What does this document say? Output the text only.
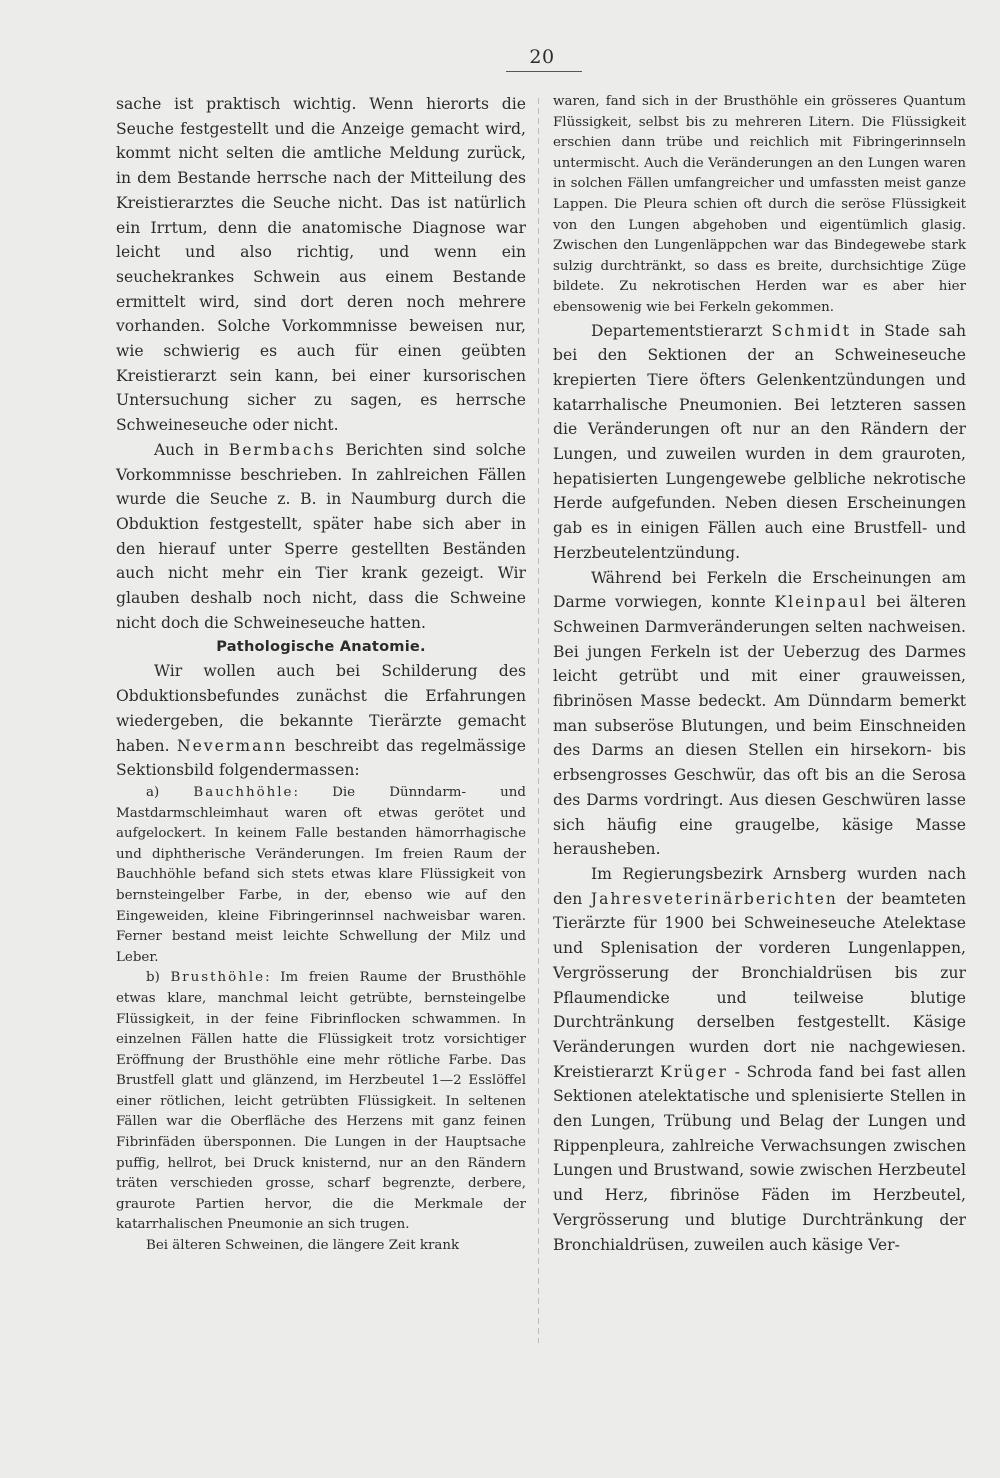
20

sache ist praktisch wichtig. Wenn hierorts die Seuche festgestellt und die Anzeige gemacht wird, kommt nicht selten die amtliche Meldung zurück, in dem Bestande herrsche nach der Mitteilung des Kreistierarztes die Seuche nicht. Das ist natürlich ein Irrtum, denn die anatomische Diagnose war leicht und also richtig, und wenn ein seuchekrankes Schwein aus einem Bestande ermittelt wird, sind dort deren noch mehrere vorhanden. Solche Vorkommnisse beweisen nur, wie schwierig es auch für einen geübten Kreistierarzt sein kann, bei einer kursorischen Untersuchung sicher zu sagen, es herrsche Schweineseuche oder nicht.

Auch in Bermbachs Berichten sind solche Vorkommnisse beschrieben. In zahlreichen Fällen wurde die Seuche z. B. in Naumburg durch die Obduktion festgestellt, später habe sich aber in den hierauf unter Sperre gestellten Beständen auch nicht mehr ein Tier krank gezeigt. Wir glauben deshalb noch nicht, dass die Schweine nicht doch die Schweineseuche hatten.

Pathologische Anatomie.

Wir wollen auch bei Schilderung des Obduktionsbefundes zunächst die Erfahrungen wiedergeben, die bekannte Tierärzte gemacht haben. Nevermann beschreibt das regelmässige Sektionsbild folgendermassen:

a) Bauchhöhle: Die Dünndarm- und Mastdarmschleimhaut waren oft etwas gerötet und aufgelockert. In keinem Falle bestanden hämorrhagische und diphtherische Veränderungen. Im freien Raum der Bauchhöhle befand sich stets etwas klare Flüssigkeit von bernsteingelber Farbe, in der, ebenso wie auf den Eingeweiden, kleine Fibringerinnsel nachweisbar waren. Ferner bestand meist leichte Schwellung der Milz und Leber.

b) Brusthöhle: Im freien Raume der Brusthöhle etwas klare, manchmal leicht getrübte, bernsteingelbe Flüssigkeit, in der feine Fibrinflocken schwammen. In einzelnen Fällen hatte die Flüssigkeit trotz vorsichtiger Eröffnung der Brusthöhle eine mehr rötliche Farbe. Das Brustfell glatt und glänzend, im Herzbeutel 1—2 Esslöffel einer rötlichen, leicht getrübten Flüssigkeit. In seltenen Fällen war die Oberfläche des Herzens mit ganz feinen Fibrinfäden übersponnen. Die Lungen in der Hauptsache puffig, hellrot, bei Druck knisternd, nur an den Rändern träten verschieden grosse, scharf begrenzte, derbere, graurote Partien hervor, die die Merkmale der katarrhalischen Pneumonie an sich trugen.

Bei älteren Schweinen, die längere Zeit krank

waren, fand sich in der Brusthöhle ein grösseres Quantum Flüssigkeit, selbst bis zu mehreren Litern. Die Flüssigkeit erschien dann trübe und reichlich mit Fibringerinnseln untermischt. Auch die Veränderungen an den Lungen waren in solchen Fällen umfangreicher und umfassten meist ganze Lappen. Die Pleura schien oft durch die seröse Flüssigkeit von den Lungen abgehoben und eigentümlich glasig. Zwischen den Lungenläppchen war das Bindegewebe stark sulzig durchtränkt, so dass es breite, durchsichtige Züge bildete. Zu nekrotischen Herden war es aber hier ebensowenig wie bei Ferkeln gekommen.

Departementstierarzt Schmidt in Stade sah bei den Sektionen der an Schweineseuche krepierten Tiere öfters Gelenkentzündungen und katarrhalische Pneumonien. Bei letzteren sassen die Veränderungen oft nur an den Rändern der Lungen, und zuweilen wurden in dem grauroten, hepatisierten Lungengewebe gelbliche nekrotische Herde aufgefunden. Neben diesen Erscheinungen gab es in einigen Fällen auch eine Brustfell- und Herzbeutelentzündung.

Während bei Ferkeln die Erscheinungen am Darme vorwiegen, konnte Kleinpaul bei älteren Schweinen Darmveränderungen selten nachweisen. Bei jungen Ferkeln ist der Ueberzug des Darmes leicht getrübt und mit einer grauweissen, fibrinösen Masse bedeckt. Am Dünndarm bemerkt man subseröse Blutungen, und beim Einschneiden des Darms an diesen Stellen ein hirsekorn- bis erbsengrosses Geschwür, das oft bis an die Serosa des Darms vordringt. Aus diesen Geschwüren lasse sich häufig eine graugelbe, käsige Masse herausheben.

Im Regierungsbezirk Arnsberg wurden nach den Jahresveterinärberichten der beamteten Tierärzte für 1900 bei Schweineseuche Atelektase und Splenisation der vorderen Lungenlappen, Vergrösserung der Bronchialdrüsen bis zur Pflaumendicke und teilweise blutige Durchtränkung derselben festgestellt. Käsige Veränderungen wurden dort nie nachgewiesen. Kreistierarzt Krüger - Schroda fand bei fast allen Sektionen atelektatische und splenisierte Stellen in den Lungen, Trübung und Belag der Lungen und Rippenpleura, zahlreiche Verwachsungen zwischen Lungen und Brustwand, sowie zwischen Herzbeutel und Herz, fibrinöse Fäden im Herzbeutel, Vergrösserung und blutige Durchtränkung der Bronchialdrüsen, zuweilen auch käsige Ver-
